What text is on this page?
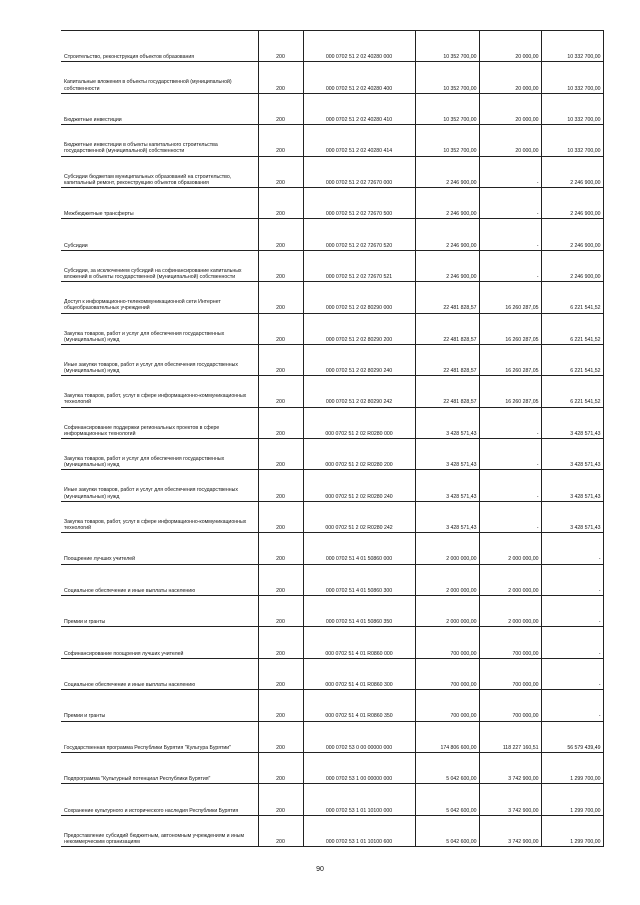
Строительство, реконструкция объектов образования	200	000 0702 51 2 02 40280 000	10 352 700,00	20 000,00	10 332 700,00
Капитальные вложения в объекты государственной (муниципальной) собственности	200	000 0702 51 2 02 40280 400	10 352 700,00	20 000,00	10 332 700,00
Бюджетные инвестиции	200	000 0702 51 2 02 40280 410	10 352 700,00	20 000,00	10 332 700,00
Бюджетные инвестиции в объекты капитального строительства государственной (муниципальной) собственности	200	000 0702 51 2 02 40280 414	10 352 700,00	20 000,00	10 332 700,00
Субсидии бюджетам муниципальных образований на строительство, капитальный ремонт, реконструкцию объектов образования	200	000 0702 51 2 02 72670 000	2 246 900,00	-	2 246 900,00
Межбюджетные трансферты	200	000 0702 51 2 02 72670 500	2 246 900,00	-	2 246 900,00
Субсидии	200	000 0702 51 2 02 72670 520	2 246 900,00	-	2 246 900,00
Субсидии, за исключением субсидий на софинансирование капитальных вложений в объекты государственной (муниципальной) собственности	200	000 0702 51 2 02 72670 521	2 246 900,00	-	2 246 900,00
Доступ к информационно-телекоммуникационной сети Интернет общеобразовательных учреждений	200	000 0702 51 2 02 80290 000	22 481 828,57	16 260 287,05	6 221 541,52
Закупка товаров, работ и услуг для обеспечения государственных (муниципальных) нужд	200	000 0702 51 2 02 80290 200	22 481 828,57	16 260 287,05	6 221 541,52
Иные закупки товаров, работ и услуг для обеспечения государственных (муниципальных) нужд	200	000 0702 51 2 02 80290 240	22 481 828,57	16 260 287,05	6 221 541,52
Закупка товаров, работ, услуг в сфере информационно-коммуникационных технологий	200	000 0702 51 2 02 80290 242	22 481 828,57	16 260 287,05	6 221 541,52
Софинансирование поддержки региональных проектов в сфере информационных технологий	200	000 0702 51 2 02 R0280 000	3 428 571,43	-	3 428 571,43
Закупка товаров, работ и услуг для обеспечения государственных (муниципальных) нужд	200	000 0702 51 2 02 R0280 200	3 428 571,43	-	3 428 571,43
Иные закупки товаров, работ и услуг для обеспечения государственных (муниципальных) нужд	200	000 0702 51 2 02 R0280 240	3 428 571,43	-	3 428 571,43
Закупка товаров, работ, услуг в сфере информационно-коммуникационных технологий	200	000 0702 51 2 02 R0280 242	3 428 571,43	-	3 428 571,43
Поощрение лучших учителей	200	000 0702 51 4 01 50860 000	2 000 000,00	2 000 000,00	-
Социальное обеспечение и иные выплаты населению	200	000 0702 51 4 01 50860 300	2 000 000,00	2 000 000,00	-
Премии и гранты	200	000 0702 51 4 01 50860 350	2 000 000,00	2 000 000,00	-
Софинансирование поощрения лучших учителей	200	000 0702 51 4 01 R0860 000	700 000,00	700 000,00	-
Социальное обеспечение и иные выплаты населению	200	000 0702 51 4 01 R0860 300	700 000,00	700 000,00	-
Премии и гранты	200	000 0702 51 4 01 R0860 350	700 000,00	700 000,00	-
Государственная программа Республики Бурятия "Культура Бурятии"	200	000 0702 53 0 00 00000 000	174 806 600,00	118 227 160,51	56 579 439,49
Подпрограмма "Культурный потенциал Республики Бурятия"	200	000 0702 53 1 00 00000 000	5 042 600,00	3 742 900,00	1 299 700,00
Сохранение культурного и исторического наследия Республики Бурятия	200	000 0702 53 1 01 10100 000	5 042 600,00	3 742 900,00	1 299 700,00
Предоставление субсидий бюджетным, автономным учреждениям и иным некоммерческим организациям	200	000 0702 53 1 01 10100 600	5 042 600,00	3 742 900,00	1 299 700,00
90
